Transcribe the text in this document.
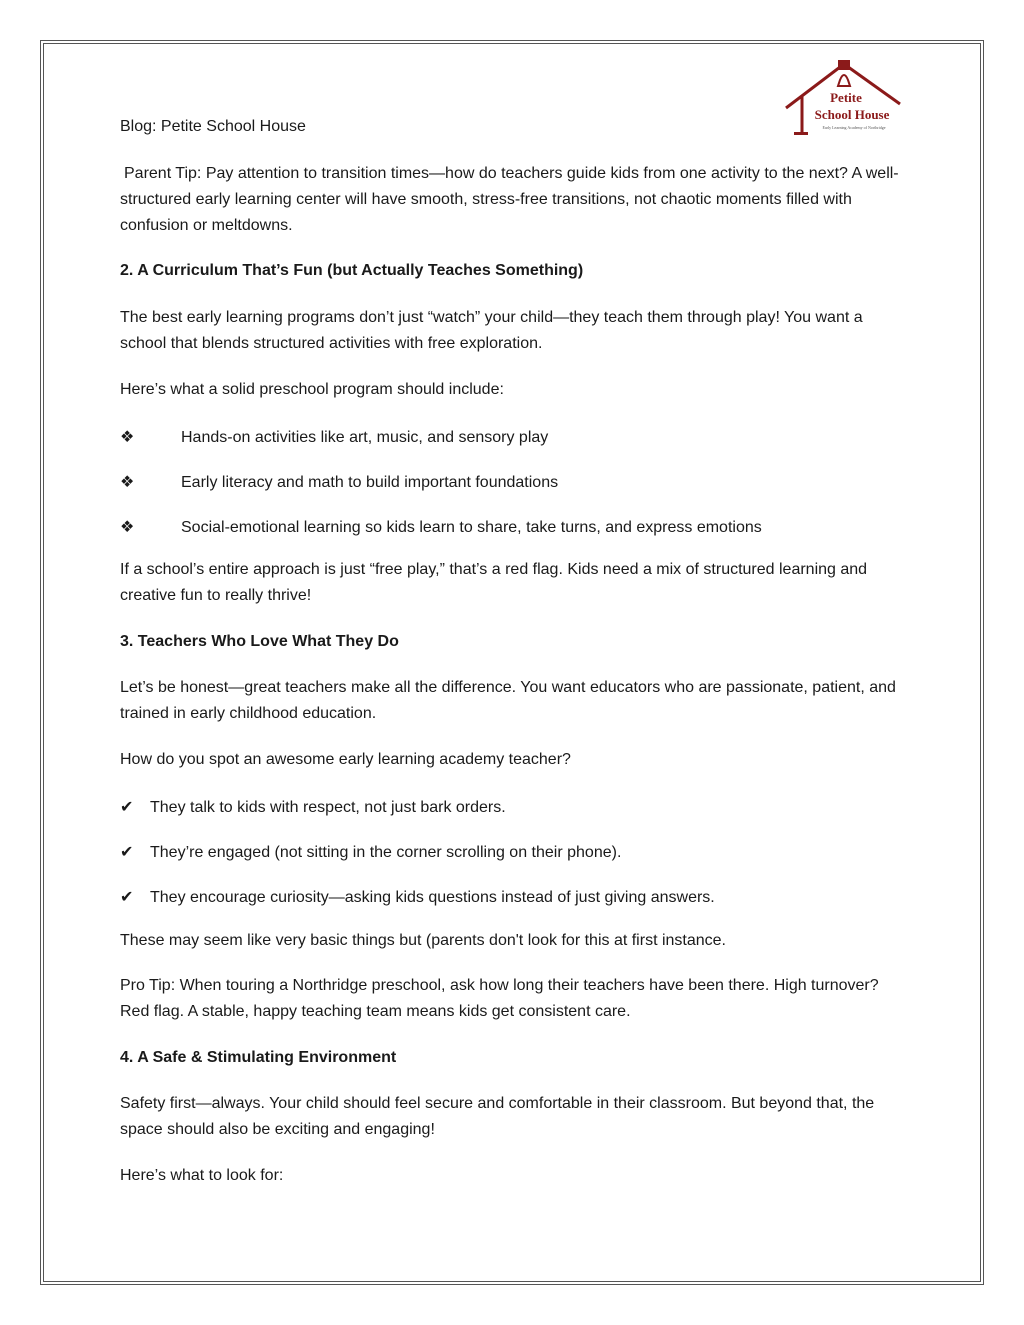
Petite
School House
Early Learning Academy of Northridge

Blog: Petite School House

Parent Tip: Pay attention to transition times—how do teachers guide kids from one activity to the next? A well-structured early learning center will have smooth, stress-free transitions, not chaotic moments filled with confusion or meltdowns.

2. A Curriculum That’s Fun (but Actually Teaches Something)

The best early learning programs don’t just “watch” your child—they teach them through play! You want a school that blends structured activities with free exploration.

Here’s what a solid preschool program should include:

❖	Hands-on activities like art, music, and sensory play
❖	Early literacy and math to build important foundations
❖	Social-emotional learning so kids learn to share, take turns, and express emotions

If a school’s entire approach is just “free play,” that’s a red flag. Kids need a mix of structured learning and creative fun to really thrive!

3. Teachers Who Love What They Do

Let’s be honest—great teachers make all the difference. You want educators who are passionate, patient, and trained in early childhood education.

How do you spot an awesome early learning academy teacher?

✔ They talk to kids with respect, not just bark orders.
✔ They’re engaged (not sitting in the corner scrolling on their phone).
✔ They encourage curiosity—asking kids questions instead of just giving answers.

These may seem like very basic things but (parents don't look for this at first instance.

Pro Tip: When touring a Northridge preschool, ask how long their teachers have been there. High turnover? Red flag. A stable, happy teaching team means kids get consistent care.

4. A Safe & Stimulating Environment

Safety first—always. Your child should feel secure and comfortable in their classroom. But beyond that, the space should also be exciting and engaging!

Here’s what to look for:
